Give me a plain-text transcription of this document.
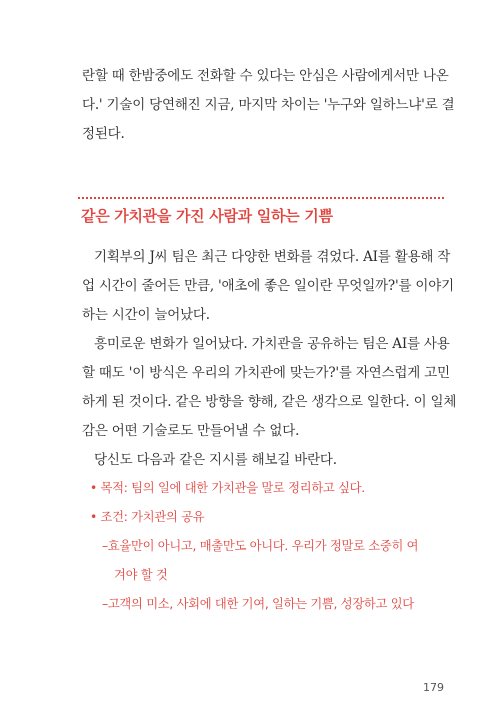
란할 때 한밤중에도 전화할 수 있다는 안심은 사람에게서만 나온
다.' 기술이 당연해진 지금, 마지막 차이는 '누구와 일하느냐'로 결
정된다.
같은 가치관을 가진 사람과 일하는 기쁨
기획부의 J씨 팀은 최근 다양한 변화를 겪었다. AI를 활용해 작
업 시간이 줄어든 만큼, '애초에 좋은 일이란 무엇일까?'를 이야기
하는 시간이 늘어났다.
흥미로운 변화가 일어났다. 가치관을 공유하는 팀은 AI를 사용
할 때도 '이 방식은 우리의 가치관에 맞는가?'를 자연스럽게 고민
하게 된 것이다. 같은 방향을 향해, 같은 생각으로 일한다. 이 일체
감은 어떤 기술로도 만들어낼 수 없다.
당신도 다음과 같은 지시를 해보길 바란다.
• 목적: 팀의 일에 대한 가치관을 말로 정리하고 싶다.
• 조건: 가치관의 공유
–효율만이 아니고, 매출만도 아니다. 우리가 정말로 소중히 여
겨야 할 것
–고객의 미소, 사회에 대한 기여, 일하는 기쁨, 성장하고 있다
179
